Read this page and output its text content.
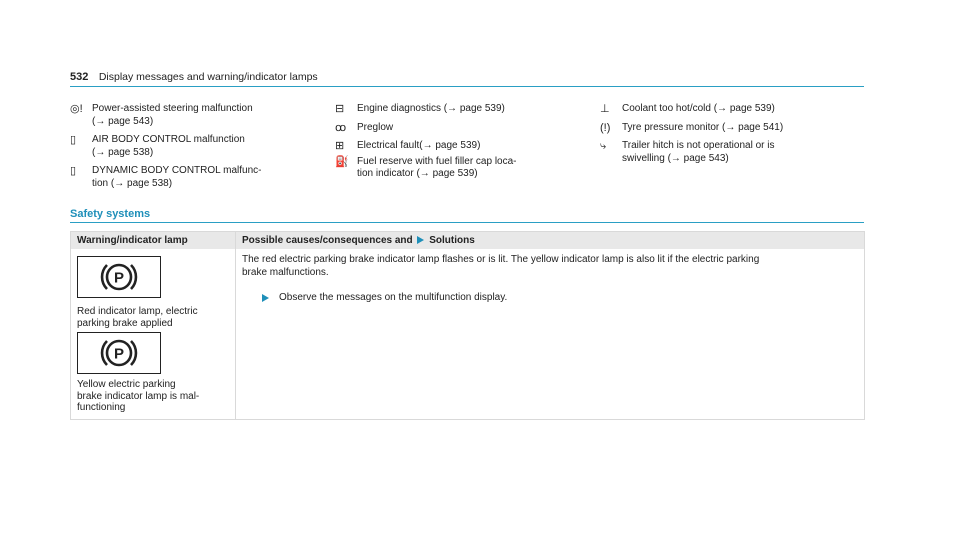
532 Display messages and warning/indicator lamps
◎! Power-assisted steering malfunction
(→ page 543)
▯	AIR BODY CONTROL malfunction
(→ page 538)
▯	DYNAMIC BODY CONTROL malfunc-
tion (→ page 538)
⊟	Engine diagnostics (→ page 539)
ꝏ	Preglow
⊞	Electrical fault(→ page 539)
⛽ Fuel reserve with fuel filler cap loca-
tion indicator (→ page 539)
⊥	Coolant too hot/cold (→ page 539)
(!)	Tyre pressure monitor (→ page 541)
⤷	Trailer hitch is not operational or is
swivelling (→ page 543)
Safety systems
Warning/indicator lamp	Possible causes/consequences and Solutions
P
Red indicator lamp, electric
parking brake applied
P
Yellow electric parking
brake indicator lamp is mal-
functioning
The red electric parking brake indicator lamp flashes or is lit. The yellow indicator lamp is also lit if the electric parking
brake malfunctions.
Observe the messages on the multifunction display.
